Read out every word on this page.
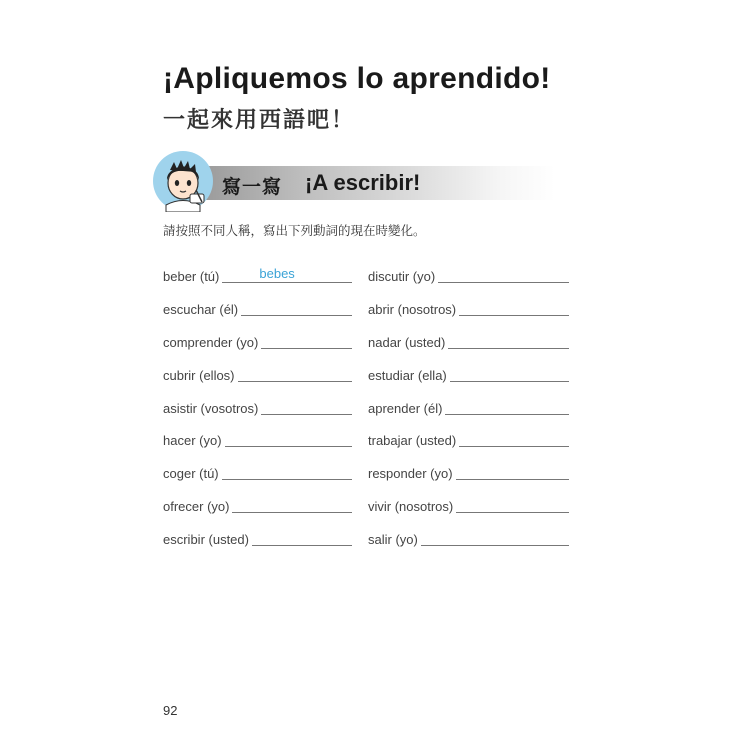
¡Apliquemos lo aprendido!
一起來用西語吧！
寫一寫 ¡A escribir!
請按照不同人稱，寫出下列動詞的現在時變化。
beber (tú)	bebes
escuchar (él)
comprender (yo)
cubrir (ellos)
asistir (vosotros)
hacer (yo)
coger (tú)
ofrecer (yo)
escribir (usted)
discutir (yo)
abrir (nosotros)
nadar (usted)
estudiar (ella)
aprender (él)
trabajar (usted)
responder (yo)
vivir (nosotros)
salir (yo)
92
